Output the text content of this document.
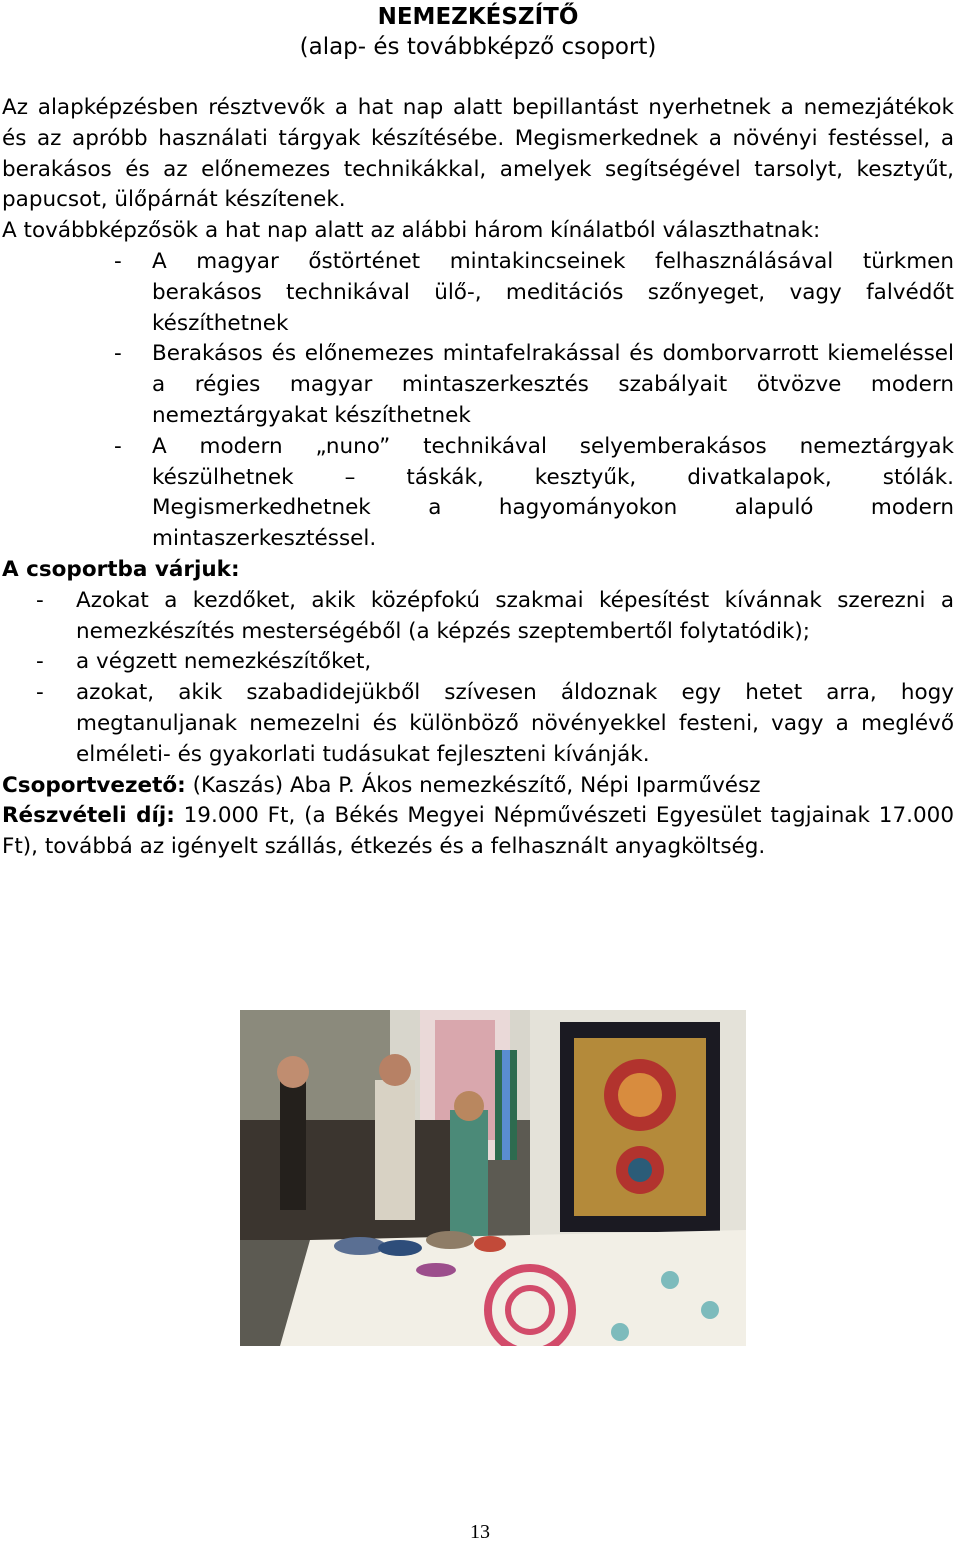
NEMEZKÉSZÍTŐ
(alap- és továbbképző csoport)

Az alapképzésben résztvevők a hat nap alatt bepillantást nyerhetnek a nemezjátékok és az apróbb használati tárgyak készítésébe. Megismerkednek a növényi festéssel, a berakásos és az előnemezes technikákkal, amelyek segítségével tarsolyt, kesztyűt, papucsot, ülőpárnát készítenek.

A továbbképzősök a hat nap alatt az alábbi három kínálatból választhatnak:

- A magyar őstörténet mintakincseinek felhasználásával türkmen berakásos technikával ülő-, meditációs szőnyeget, vagy falvédőt készíthetnek
- Berakásos és előnemezes mintafelrakással és domborvarrott kiemeléssel a régies magyar mintaszerkesztés szabályait ötvözve modern nemeztárgyakat készíthetnek
- A modern „nuno” technikával selyemberakásos nemeztárgyak készülhetnek – táskák, kesztyűk, divatkalapok, stólák. Megismerkedhetnek a hagyományokon alapuló modern mintaszerkesztéssel.

A csoportba várjuk:

- Azokat a kezdőket, akik középfokú szakmai képesítést kívánnak szerezni a nemezkészítés mesterségéből (a képzés szeptembertől folytatódik);
- a végzett nemezkészítőket,
- azokat, akik szabadidejükből szívesen áldoznak egy hetet arra, hogy megtanuljanak nemezelni és különböző növényekkel festeni, vagy a meglévő elméleti- és gyakorlati tudásukat fejleszteni kívánják.

Csoportvezető: (Kaszás) Aba P. Ákos nemezkészítő, Népi Iparművész

Részvételi díj: 19.000 Ft, (a Békés Megyei Népművészeti Egyesület tagjainak 17.000 Ft), továbbá az igényelt szállás, étkezés és a felhasznált anyagköltség.

13
